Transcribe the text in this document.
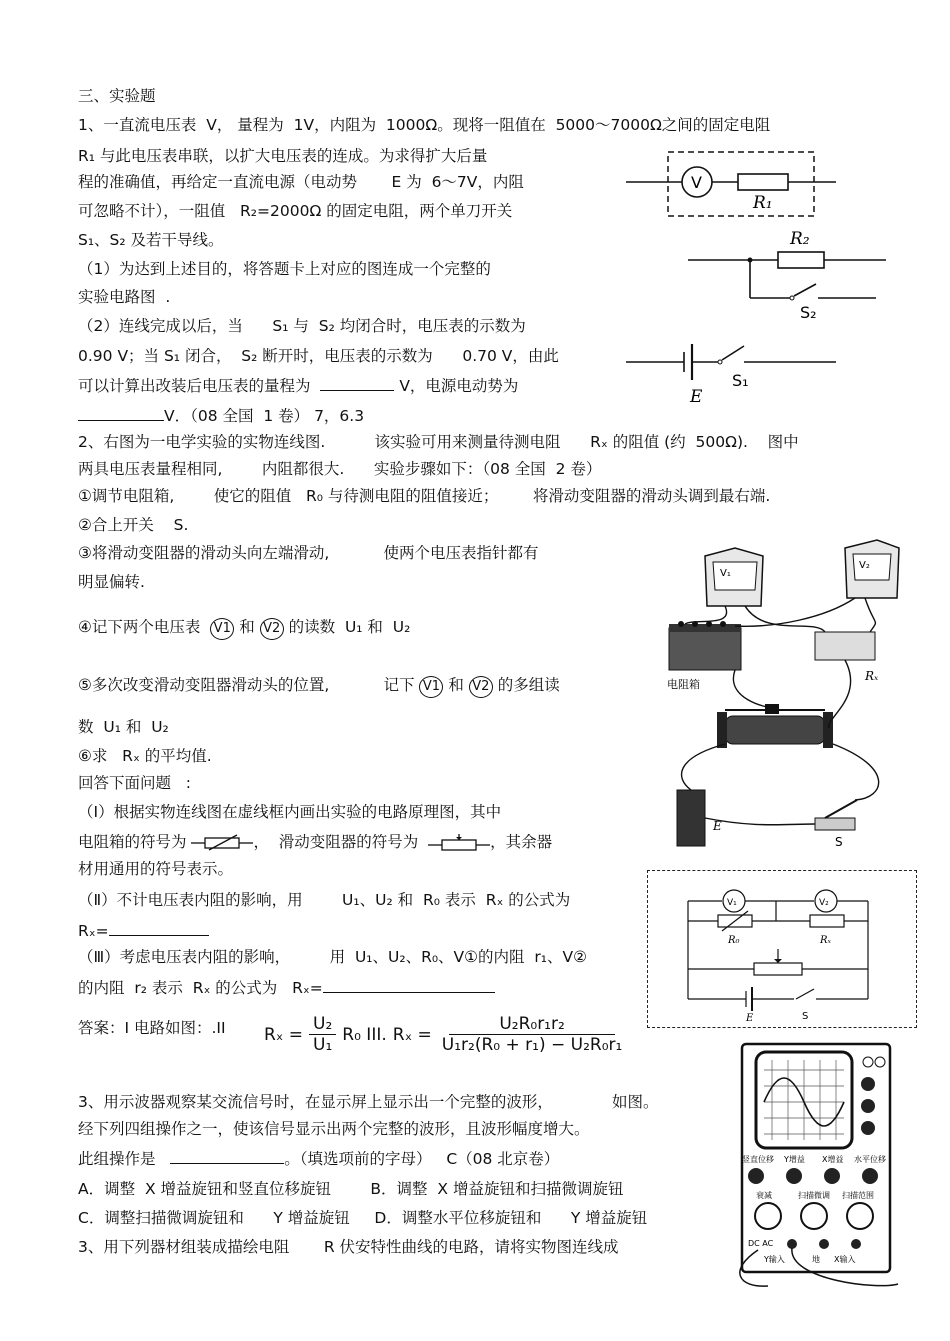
三、实验题
1、一直流电压表  V， 量程为  1V，内阻为  1000Ω。现将一阻值在  5000～7000Ω之间的固定电阻
R₁ 与此电压表串联，以扩大电压表的连成。为求得扩大后量
程的准确值，再给定一直流电源（电动势       E 为  6～7V，内阻
可忽略不计），一阻值   R₂=2000Ω 的固定电阻，两个单刀开关
S₁、S₂ 及若干导线。
（1）为达到上述目的，将答题卡上对应的图连成一个完整的
实验电路图  .
（2）连线完成以后，当      S₁ 与  S₂ 均闭合时，电压表的示数为
0.90 V；当 S₁ 闭合，  S₂ 断开时，电压表的示数为      0.70 V，由此
可以计算出改装后电压表的量程为	V，电源电动势为
V．（08 全国  1 卷） 7，6.3
V
R₁
R₂
S₂
E
S₁
2、右图为一电学实验的实物连线图.          该实验可用来测量待测电阻      Rₓ 的阻值 (约  500Ω).    图中
两具电压表量程相同,        内阻都很大.      实验步骤如下：（08 全国  2 卷）
①调节电阻箱,        使它的阻值   R₀ 与待测电阻的阻值接近；       将滑动变阻器的滑动头调到最右端.
②合上开关    S.
③将滑动变阻器的滑动头向左端滑动,           使两个电压表指针都有
明显偏转.
④记下两个电压表 V1 和 V2 的读数  U₁ 和  U₂
⑤多次改变滑动变阻器滑动头的位置,           记下 V1 和 V2 的多组读
数  U₁ 和  U₂
⑥求   Rₓ 的平均值.
回答下面问题   :
（Ⅰ）根据实物连线图在虚线框内画出实验的电路原理图，其中
电阻箱的符号为	，  滑动变阻器的符号为	，其余器
材用通用的符号表示。
（Ⅱ）不计电压表内阻的影响，用        U₁、U₂ 和  R₀ 表示  Rₓ 的公式为
Rₓ=
（Ⅲ）考虑电压表内阻的影响，        用  U₁、U₂、R₀、V①的内阻  r₁、V②
的内阻  r₂ 表示  Rₓ 的公式为   Rₓ=
答案：I 电路如图：.II $R_x = \frac{\text{U₂}}{\text{U₁}} R_0$ III. $R_x = \frac{\text{U₂R₀r₁r₂}}{\text{U₁r₂(R₀ + r₁) − U₂R₀r₁}}$
V₁
V₂
电阻箱
Rₓ
E
S
V₁	V₂
R₀	Rₓ
E	S
3、用示波器观察某交流信号时，在显示屏上显示出一个完整的波形，            如图。
经下列四组操作之一，使该信号显示出两个完整的波形，且波形幅度增大。
此组操作是	。（填选项前的字母）   C（08 北京卷）
A．调整  X 增益旋钮和竖直位移旋钮        B．调整  X 增益旋钮和扫描微调旋钮
C．调整扫描微调旋钮和      Y 增益旋钮     D．调整水平位移旋钮和      Y 增益旋钮
3、用下列器材组装成描绘电阻       R 伏安特性曲线的电路，请将实物图连线成
竖直位移 Y增益 X增益 水平位移
衰减	扫描微调 扫描范围
DC AC
Y输入	地 X输入
